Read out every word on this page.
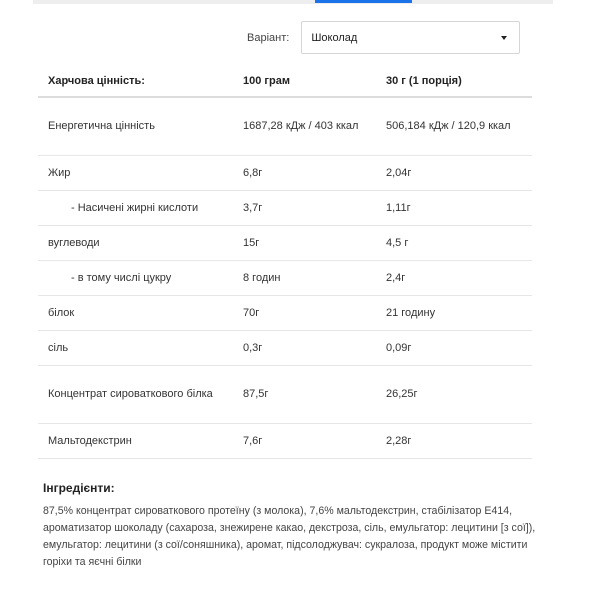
Варіант: Шоколад
Харчова цінність:	100 грам	30 г (1 порція)
Енергетична цінність	1687,28 кДж / 403 ккал	506,184 кДж / 120,9 ккал
Жир	6,8г	2,04г
- Насичені жирні кислоти	3,7г	1,11г
вуглеводи	15г	4,5 г
- в тому числі цукру	8 годин	2,4г
білок	70г	21 годину
сіль	0,3г	0,09г
Концентрат сироваткового білка	87,5г	26,25г
Мальтодекстрин	7,6г	2,28г
Інгредієнти:
87,5% концентрат сироваткового протеїну (з молока), 7,6% мальтодекстрин, стабілізатор E414, ароматизатор шоколаду (сахароза, знежирене какао, декстроза, сіль, емульгатор: лецитини [з сої]), емульгатор: лецитини (з сої/соняшника), аромат, підсолоджувач: сукралоза, продукт може містити горіхи та яєчні білки
